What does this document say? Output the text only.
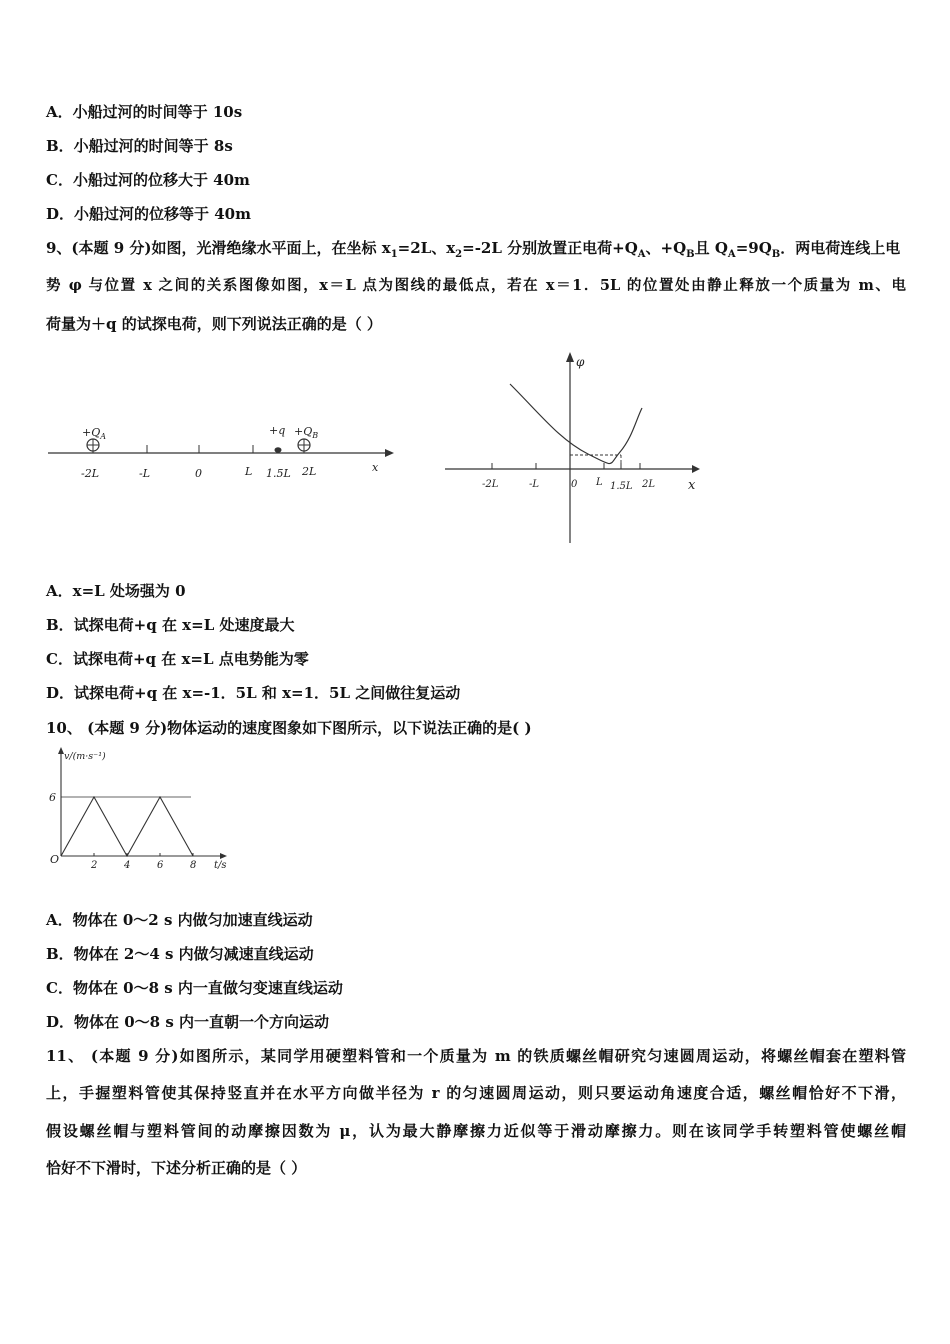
A．小船过河的时间等于 10s
B．小船过河的时间等于 8s
C．小船过河的位移大于 40m
D．小船过河的位移等于 40m
9、(本题 9 分)如图，光滑绝缘水平面上，在坐标 $x_1=2L$、$x_2=-2L$ 分别放置正电荷$+Q_A$、$+Q_B$且 $Q_A=9Q_B$．两电荷连线上电
势 φ 与位置 x 之间的关系图像如图，x＝L 点为图线的最低点，若在 x＝1．5L 的位置处由静止释放一个质量为 m、电
荷量为＋q 的试探电荷，则下列说法正确的是（ ）
$+Q_A$	$+q +Q_B$
-2L	-L	0	L 1.5L 2L	x
φ
x
-2L	-L	0 L 1.5L 2L
A．x=L 处场强为 0
B．试探电荷+q 在 x=L 处速度最大
C．试探电荷+q 在 x=L 点电势能为零
D．试探电荷+q 在 x=-1．5L 和 x=1．5L 之间做往复运动
10、 (本题 9 分)物体运动的速度图象如下图所示，以下说法正确的是( )
2	4	6	8
v/(m·s⁻¹)
t/s
O
6
A．物体在 0～2 s 内做匀加速直线运动
B．物体在 2～4 s 内做匀减速直线运动
C．物体在 0～8 s 内一直做匀变速直线运动
D．物体在 0～8 s 内一直朝一个方向运动
11、 (本题 9 分)如图所示，某同学用硬塑料管和一个质量为 m 的铁质螺丝帽研究匀速圆周运动，将螺丝帽套在塑料管
上，手握塑料管使其保持竖直并在水平方向做半径为 r 的匀速圆周运动，则只要运动角速度合适，螺丝帽恰好不下滑，
假设螺丝帽与塑料管间的动摩擦因数为 μ，认为最大静摩擦力近似等于滑动摩擦力。则在该同学手转塑料管使螺丝帽
恰好不下滑时，下述分析正确的是（ ）
